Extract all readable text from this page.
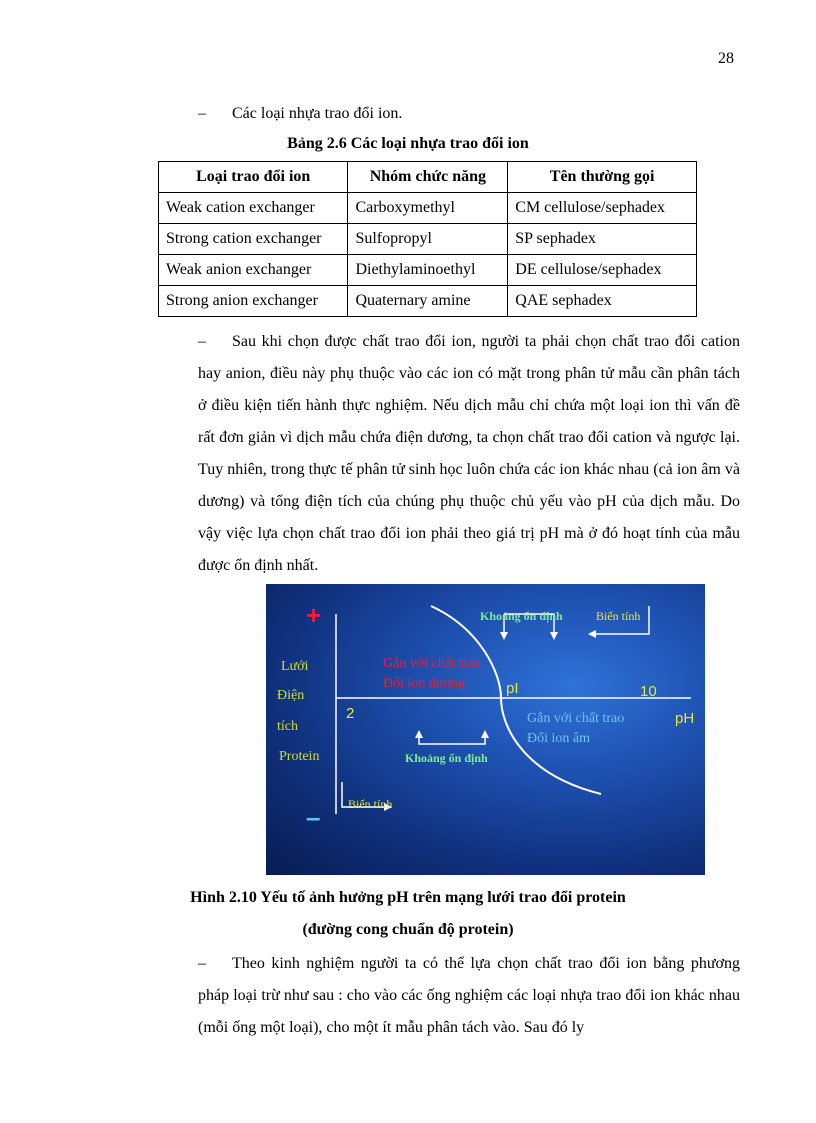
28
– Các loại nhựa trao đổi ion.
Bảng 2.6 Các loại nhựa trao đổi ion
Loại trao đổi ion	Nhóm chức năng	Tên thường gọi
Weak cation exchanger	Carboxymethyl	CM cellulose/sephadex
Strong cation exchanger	Sulfopropyl	SP sephadex
Weak anion exchanger	Diethylaminoethyl	DE cellulose/sephadex
Strong anion exchanger	Quaternary amine	QAE sephadex
– Sau khi chọn được chất trao đổi ion, người ta phải chọn chất trao đổi cation hay anion, điều này phụ thuộc vào các ion có mặt trong phân tử mẫu cần phân tách ở điều kiện tiến hành thực nghiệm. Nếu dịch mẫu chỉ chứa một loại ion thì vấn đề rất đơn giản vì dịch mẫu chứa điện dương, ta chọn chất trao đổi cation và ngược lại. Tuy nhiên, trong thực tế phân tử sinh học luôn chứa các ion khác nhau (cả ion âm và dương) và tổng điện tích của chúng phụ thuộc chủ yếu vào pH của dịch mẫu. Do vậy việc lựa chọn chất trao đổi ion phải theo giá trị pH mà ở đó hoạt tính của mẫu được ổn định nhất.
+
–
Lưới
Điện
tích
Protein
Khoảng ổn định	Biến tính
Gắn với chất trao
Đổi ion dương	pI	10
2	pH
Gắn với chất trao
Đổi ion âm
Khoảng ổn định
Biến tính
Hình 2.10 Yếu tố ảnh hưởng pH trên mạng lưới trao đổi protein
(đường cong chuẩn độ protein)
– Theo kinh nghiệm người ta có thể lựa chọn chất trao đổi ion bằng phương pháp loại trừ như sau : cho vào các ống nghiệm các loại nhựa trao đổi ion khác nhau (mỗi ống một loại), cho một ít mẫu phân tách vào. Sau đó ly
